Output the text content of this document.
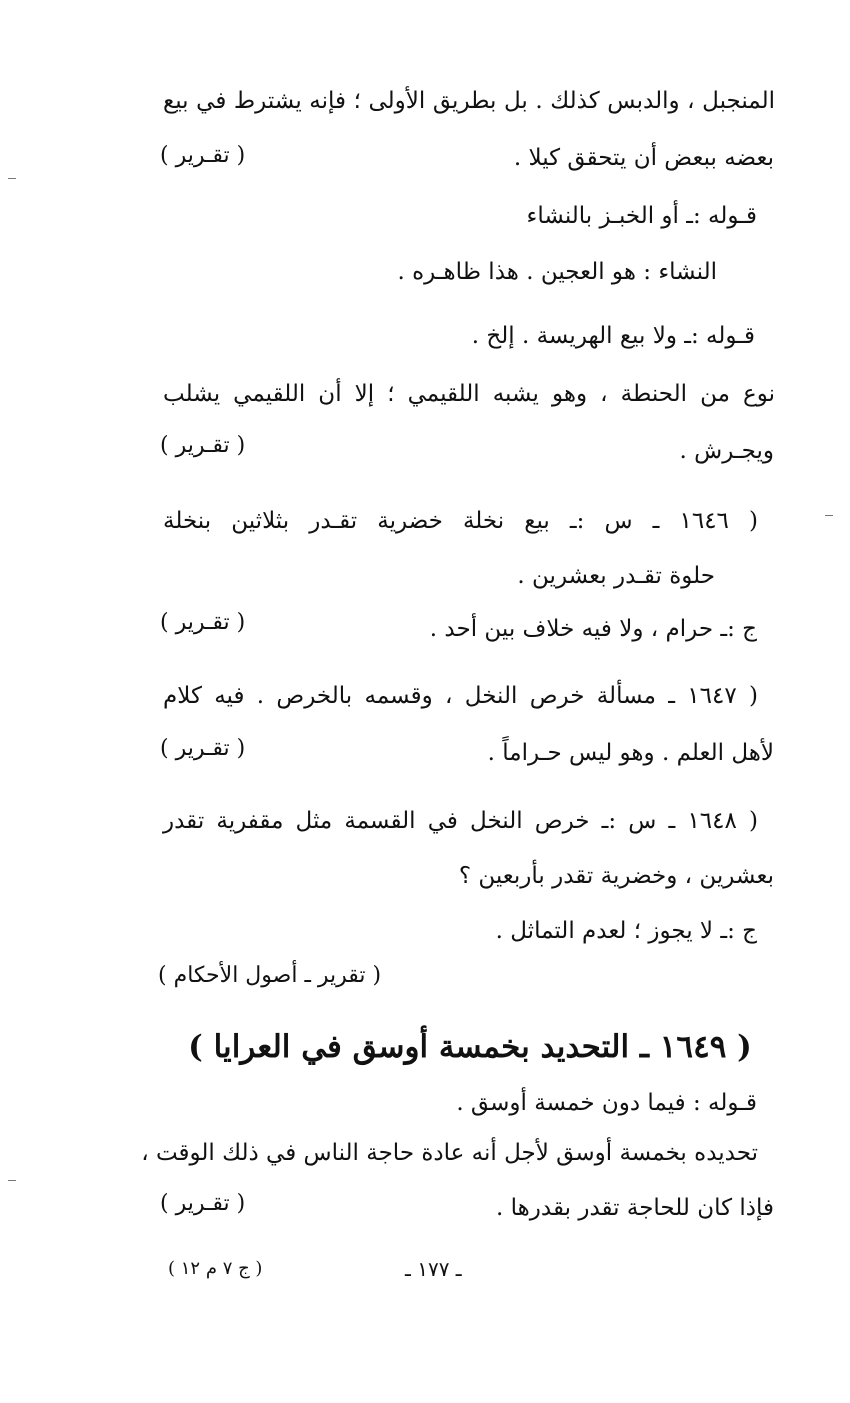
المنجبل ، والدبس كذلك . بل بطريق الأولى ؛ فإنه يشترط في بيع
بعضه ببعض أن يتحقق كيلا .
( تقـرير )
قـوله :ـ أو الخبـز بالنشاء
النشاء : هو العجين . هذا ظاهـره .
قـوله :ـ ولا بيع الهريسة . إلخ .
نوع من الحنطة ، وهو يشبه اللقيمي ؛ إلا أن اللقيمي يشلب
ويجـرش .
( تقـرير )
( ١٦٤٦ ـ س :ـ بيع نخلة خضرية تقـدر بثلاثين بنخلة
حلوة تقـدر بعشرين .
ج :ـ حرام ، ولا فيه خلاف بين أحد .
( تقـرير )
( ١٦٤٧ ـ مسألة خرص النخل ، وقسمه بالخرص . فيه كلام
لأهل العلم . وهو ليس حـراماً .
( تقـرير )
( ١٦٤٨ ـ س :ـ خرص النخل في القسمة مثل مقفرية تقدر
بعشرين ، وخضرية تقدر بأربعين ؟
ج :ـ لا يجوز ؛ لعدم التماثل .
( تقرير ـ أصول الأحكام )
( ١٦٤٩ ـ التحديد بخمسة أوسق في العرايا )
قـوله : فيما دون خمسة أوسق .
تحديده بخمسة أوسق لأجل أنه عادة حاجة الناس في ذلك الوقت ،
فإذا كان للحاجة تقدر بقدرها .
( تقـرير )
ـ ١٧٧ ـ
( ج ٧ م ١٢ )
